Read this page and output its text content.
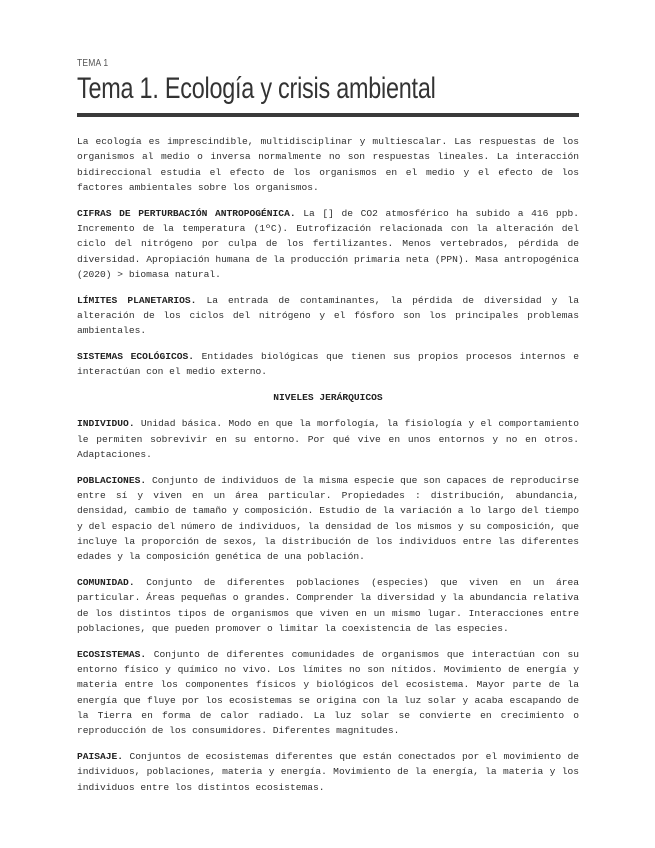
TEMA 1
Tema 1. Ecología y crisis ambiental

La ecología es imprescindible, multidisciplinar y multiescalar. Las respuestas de los organismos al medio o inversa normalmente no son respuestas lineales. La interacción bidireccional estudia el efecto de los organismos en el medio y el efecto de los factores ambientales sobre los organismos.

CIFRAS DE PERTURBACIÓN ANTROPOGÉNICA. La [] de CO2 atmosférico ha subido a 416 ppb. Incremento de la temperatura (1ºC). Eutrofización relacionada con la alteración del ciclo del nitrógeno por culpa de los fertilizantes. Menos vertebrados, pérdida de diversidad. Apropiación humana de la producción primaria neta (PPN). Masa antropogénica (2020) > biomasa natural.

LÍMITES PLANETARIOS. La entrada de contaminantes, la pérdida de diversidad y la alteración de los ciclos del nitrógeno y el fósforo son los principales problemas ambientales.

SISTEMAS ECOLÓGICOS. Entidades biológicas que tienen sus propios procesos internos e interactúan con el medio externo.

NIVELES JERÁRQUICOS

INDIVIDUO. Unidad básica. Modo en que la morfología, la fisiología y el comportamiento le permiten sobrevivir en su entorno. Por qué vive en unos entornos y no en otros. Adaptaciones.

POBLACIONES. Conjunto de individuos de la misma especie que son capaces de reproducirse entre sí y viven en un área particular. Propiedades : distribución, abundancia, densidad, cambio de tamaño y composición. Estudio de la variación a lo largo del tiempo y del espacio del número de individuos, la densidad de los mismos y su composición, que incluye la proporción de sexos, la distribución de los individuos entre las diferentes edades y la composición genética de una población.

COMUNIDAD. Conjunto de diferentes poblaciones (especies) que viven en un área particular. Áreas pequeñas o grandes. Comprender la diversidad y la abundancia relativa de los distintos tipos de organismos que viven en un mismo lugar. Interacciones entre poblaciones, que pueden promover o limitar la coexistencia de las especies.

ECOSISTEMAS. Conjunto de diferentes comunidades de organismos que interactúan con su entorno físico y químico no vivo. Los límites no son nítidos. Movimiento de energía y materia entre los componentes físicos y biológicos del ecosistema. Mayor parte de la energía que fluye por los ecosistemas se origina con la luz solar y acaba escapando de la Tierra en forma de calor radiado. La luz solar se convierte en crecimiento o reproducción de los consumidores. Diferentes magnitudes.

PAISAJE. Conjuntos de ecosistemas diferentes que están conectados por el movimiento de individuos, poblaciones, materia y energía. Movimiento de la energía, la materia y los individuos entre los distintos ecosistemas.
